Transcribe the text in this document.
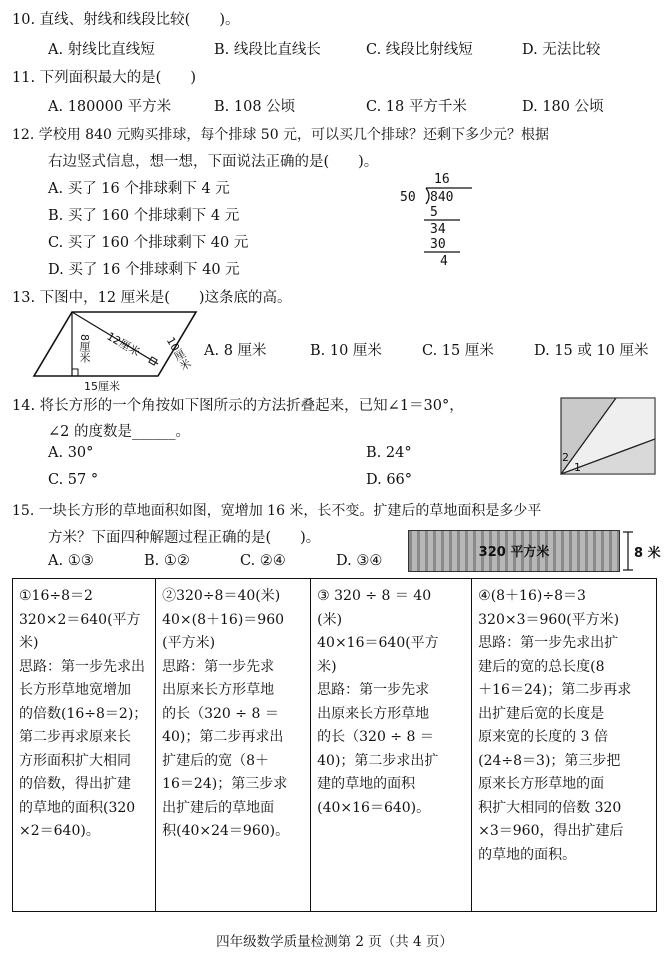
10. 直线、射线和线段比较(　　)。
A. 射线比直线短	B. 线段比直线长	C. 线段比射线短	D. 无法比较
11. 下列面积最大的是(　　)
A. 180000 平方米	B. 108 公顷	C. 18 平方千米	D. 180 公顷
12. 学校用 840 元购买排球，每个排球 50 元，可以买几个排球？还剩下多少元？根据
右边竖式信息，想一想，下面说法正确的是(　　)。
A. 买了 16 个排球剩下 4 元
B. 买了 160 个排球剩下 4 元
C. 买了 160 个排球剩下 40 元
D. 买了 16 个排球剩下 40 元
16
50 840
5
34
30
4
13. 下图中，12 厘米是(　　)这条底的高。
12厘米
8厘米	10厘米
15厘米
A. 8 厘米	B. 10 厘米	C. 15 厘米	D. 15 或 10 厘米
14. 将长方形的一个角按如下图所示的方法折叠起来，已知∠1＝30°，
∠2 的度数是______。
A. 30°	B. 24°
C. 57 °	D. 66°
2
1
15. 一块长方形的草地面积如图，宽增加 16 米，长不变。扩建后的草地面积是多少平
方米？下面四种解题过程正确的是(　　)。
A. ①③	B. ①②	C. ②④	D. ③④
320 平方米	8 米
①16÷8＝2
320×2＝640(平方米)
思路：第一步先求出
长方形草地宽增加
的倍数(16÷8＝2)；
第二步再求原来长
方形面积扩大相同
的倍数，得出扩建
的草地的面积(320
×2＝640)。

②320÷8＝40(米)
40×(8＋16)＝960
(平方米)
思路：第一步先求
出原来长方形草地
的长（320 ÷ 8 ＝
40)；第二步再求出
扩建后的宽（8＋
16＝24)；第三步求
出扩建后的草地面
积(40×24＝960)。

③ 320 ÷ 8 ＝ 40
(米)
40×16＝640(平方
米)
思路：第一步先求
出原来长方形草地
的长（320 ÷ 8 ＝
40)；第二步求出扩
建的草地的面积
(40×16＝640)。

④(8＋16)÷8＝3
320×3＝960(平方米)
思路：第一步先求出扩
建后的宽的总长度(8
＋16＝24)；第二步再求
出扩建后宽的长度是
原来宽的长度的 3 倍
(24÷8＝3)；第三步把
原来长方形草地的面
积扩大相同的倍数 320
×3＝960，得出扩建后
的草地的面积。
四年级数学质量检测第 2 页（共 4 页）
